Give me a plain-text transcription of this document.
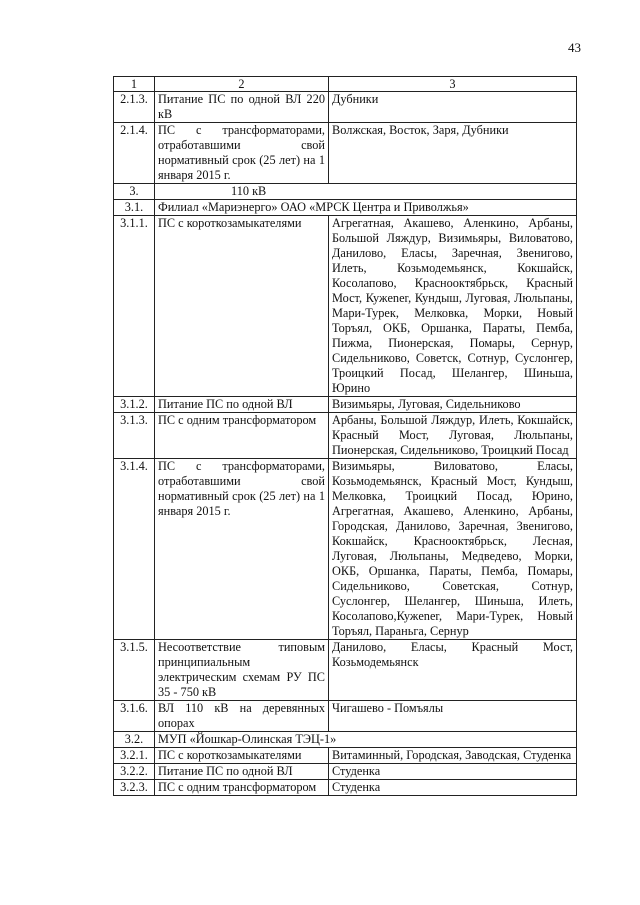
43
1	2	3
2.1.3.	Питание ПС по одной ВЛ 220 кВ	Дубники
2.1.4.	ПС с трансформаторами, отработавшими свой нормативный срок (25 лет) на 1 января 2015 г.	Волжская, Восток, Заря, Дубники
3.	110 кВ	
3.1.	Филиал «Мариэнерго» ОАО «МРСК Центра и Приволжья»	
3.1.1.	ПС с короткозамыкателями	Агрегатная, Акашево, Аленкино, Арбаны, Большой Ляждур, Визимьяры, Виловатово, Данилово, Еласы, Заречная, Звенигово, Илеть, Козьмодемьянск, Кокшайск, Косолапово, Краснооктябрьск, Красный Мост, Кужener, Кундыш, Луговая, Люльпаны, Мари-Турек, Мелковка, Морки, Новый Торъял, ОКБ, Оршанка, Параты, Пемба, Пижма, Пионерская, Помары, Сернур, Сидельниково, Советск, Сотнур, Суслонгер, Троицкий Посад, Шелангер, Шиньша, Юрино
3.1.2.	Питание ПС по одной ВЛ	Визимьяры, Луговая, Сидельниково
3.1.3.	ПС с одним трансформатором	Арбаны, Большой Ляждур, Илеть, Кокшайск, Красный Мост, Луговая, Люльпаны, Пионерская, Сидельниково, Троицкий Посад
3.1.4.	ПС с трансформаторами, отработавшими свой нормативный срок (25 лет) на 1 января 2015 г.	Визимьяры, Виловатово, Еласы, Козьмодемьянск, Красный Мост, Кундыш, Мелковка, Троицкий Посад, Юрино, Агрегатная, Акашево, Аленкино, Арбаны, Городская, Данилово, Заречная, Звенигово, Кокшайск, Краснооктябрьск, Лесная, Луговая, Люльпаны, Медведево, Морки, ОКБ, Оршанка, Параты, Пемба, Помары, Сидельниково, Советская, Сотнур, Суслонгер, Шелангер, Шиньша, Илеть, Косолапово,Кужener, Мари-Турек, Новый Торъял, Параньга, Сернур
3.1.5.	Несоответствие типовым принципиальным электрическим схемам РУ ПС 35 - 750 кВ	Данилово, Еласы, Красный Мост, Козьмодемьянск
3.1.6.	ВЛ 110 кВ на деревянных опорах	Чигашево - Помъялы
3.2.	МУП «Йошкар-Олинская ТЭЦ-1»	
3.2.1.	ПС с короткозамыкателями	Витаминный, Городская, Заводская, Студенка
3.2.2.	Питание ПС по одной ВЛ	Студенка
3.2.3.	ПС с одним трансформатором	Студенка
